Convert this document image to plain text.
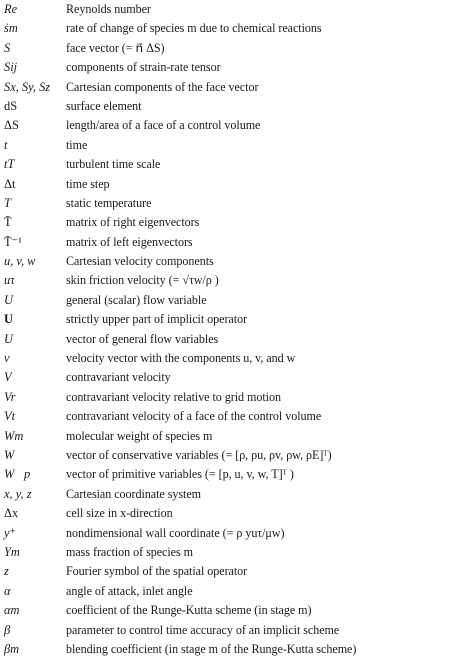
Re	Reynolds number
ṡm	rate of change of species m due to chemical reactions
S⃗	face vector (= n⃗ ΔS)
Sij	components of strain-rate tensor
Sx, Sy, Sz	Cartesian components of the face vector
dS	surface element
ΔS	length/area of a face of a control volume
t	time
tT	turbulent time scale
Δt	time step
T	static temperature
T̄	matrix of right eigenvectors
T̄⁻¹	matrix of left eigenvectors
u, v, w	Cartesian velocity components
uτ	skin friction velocity (= √τw/ρ )
U	general (scalar) flow variable
U	strictly upper part of implicit operator
U⃗	vector of general flow variables
v⃗	velocity vector with the components u, v, and w
V	contravariant velocity
Vr	contravariant velocity relative to grid motion
Vt	contravariant velocity of a face of the control volume
Wm	molecular weight of species m
W⃗	vector of conservative variables (= [ρ, ρu, ρv, ρw, ρE]ᵀ)
W⃗p	vector of primitive variables (= [p, u, v, w, T]ᵀ )
x, y, z	Cartesian coordinate system
Δx	cell size in x-direction
y⁺	nondimensional wall coordinate (= ρ yuτ/μw)
Ym	mass fraction of species m
z	Fourier symbol of the spatial operator
α	angle of attack, inlet angle
αm	coefficient of the Runge-Kutta scheme (in stage m)
β	parameter to control time accuracy of an implicit scheme
βm	blending coefficient (in stage m of the Runge-Kutta scheme)
